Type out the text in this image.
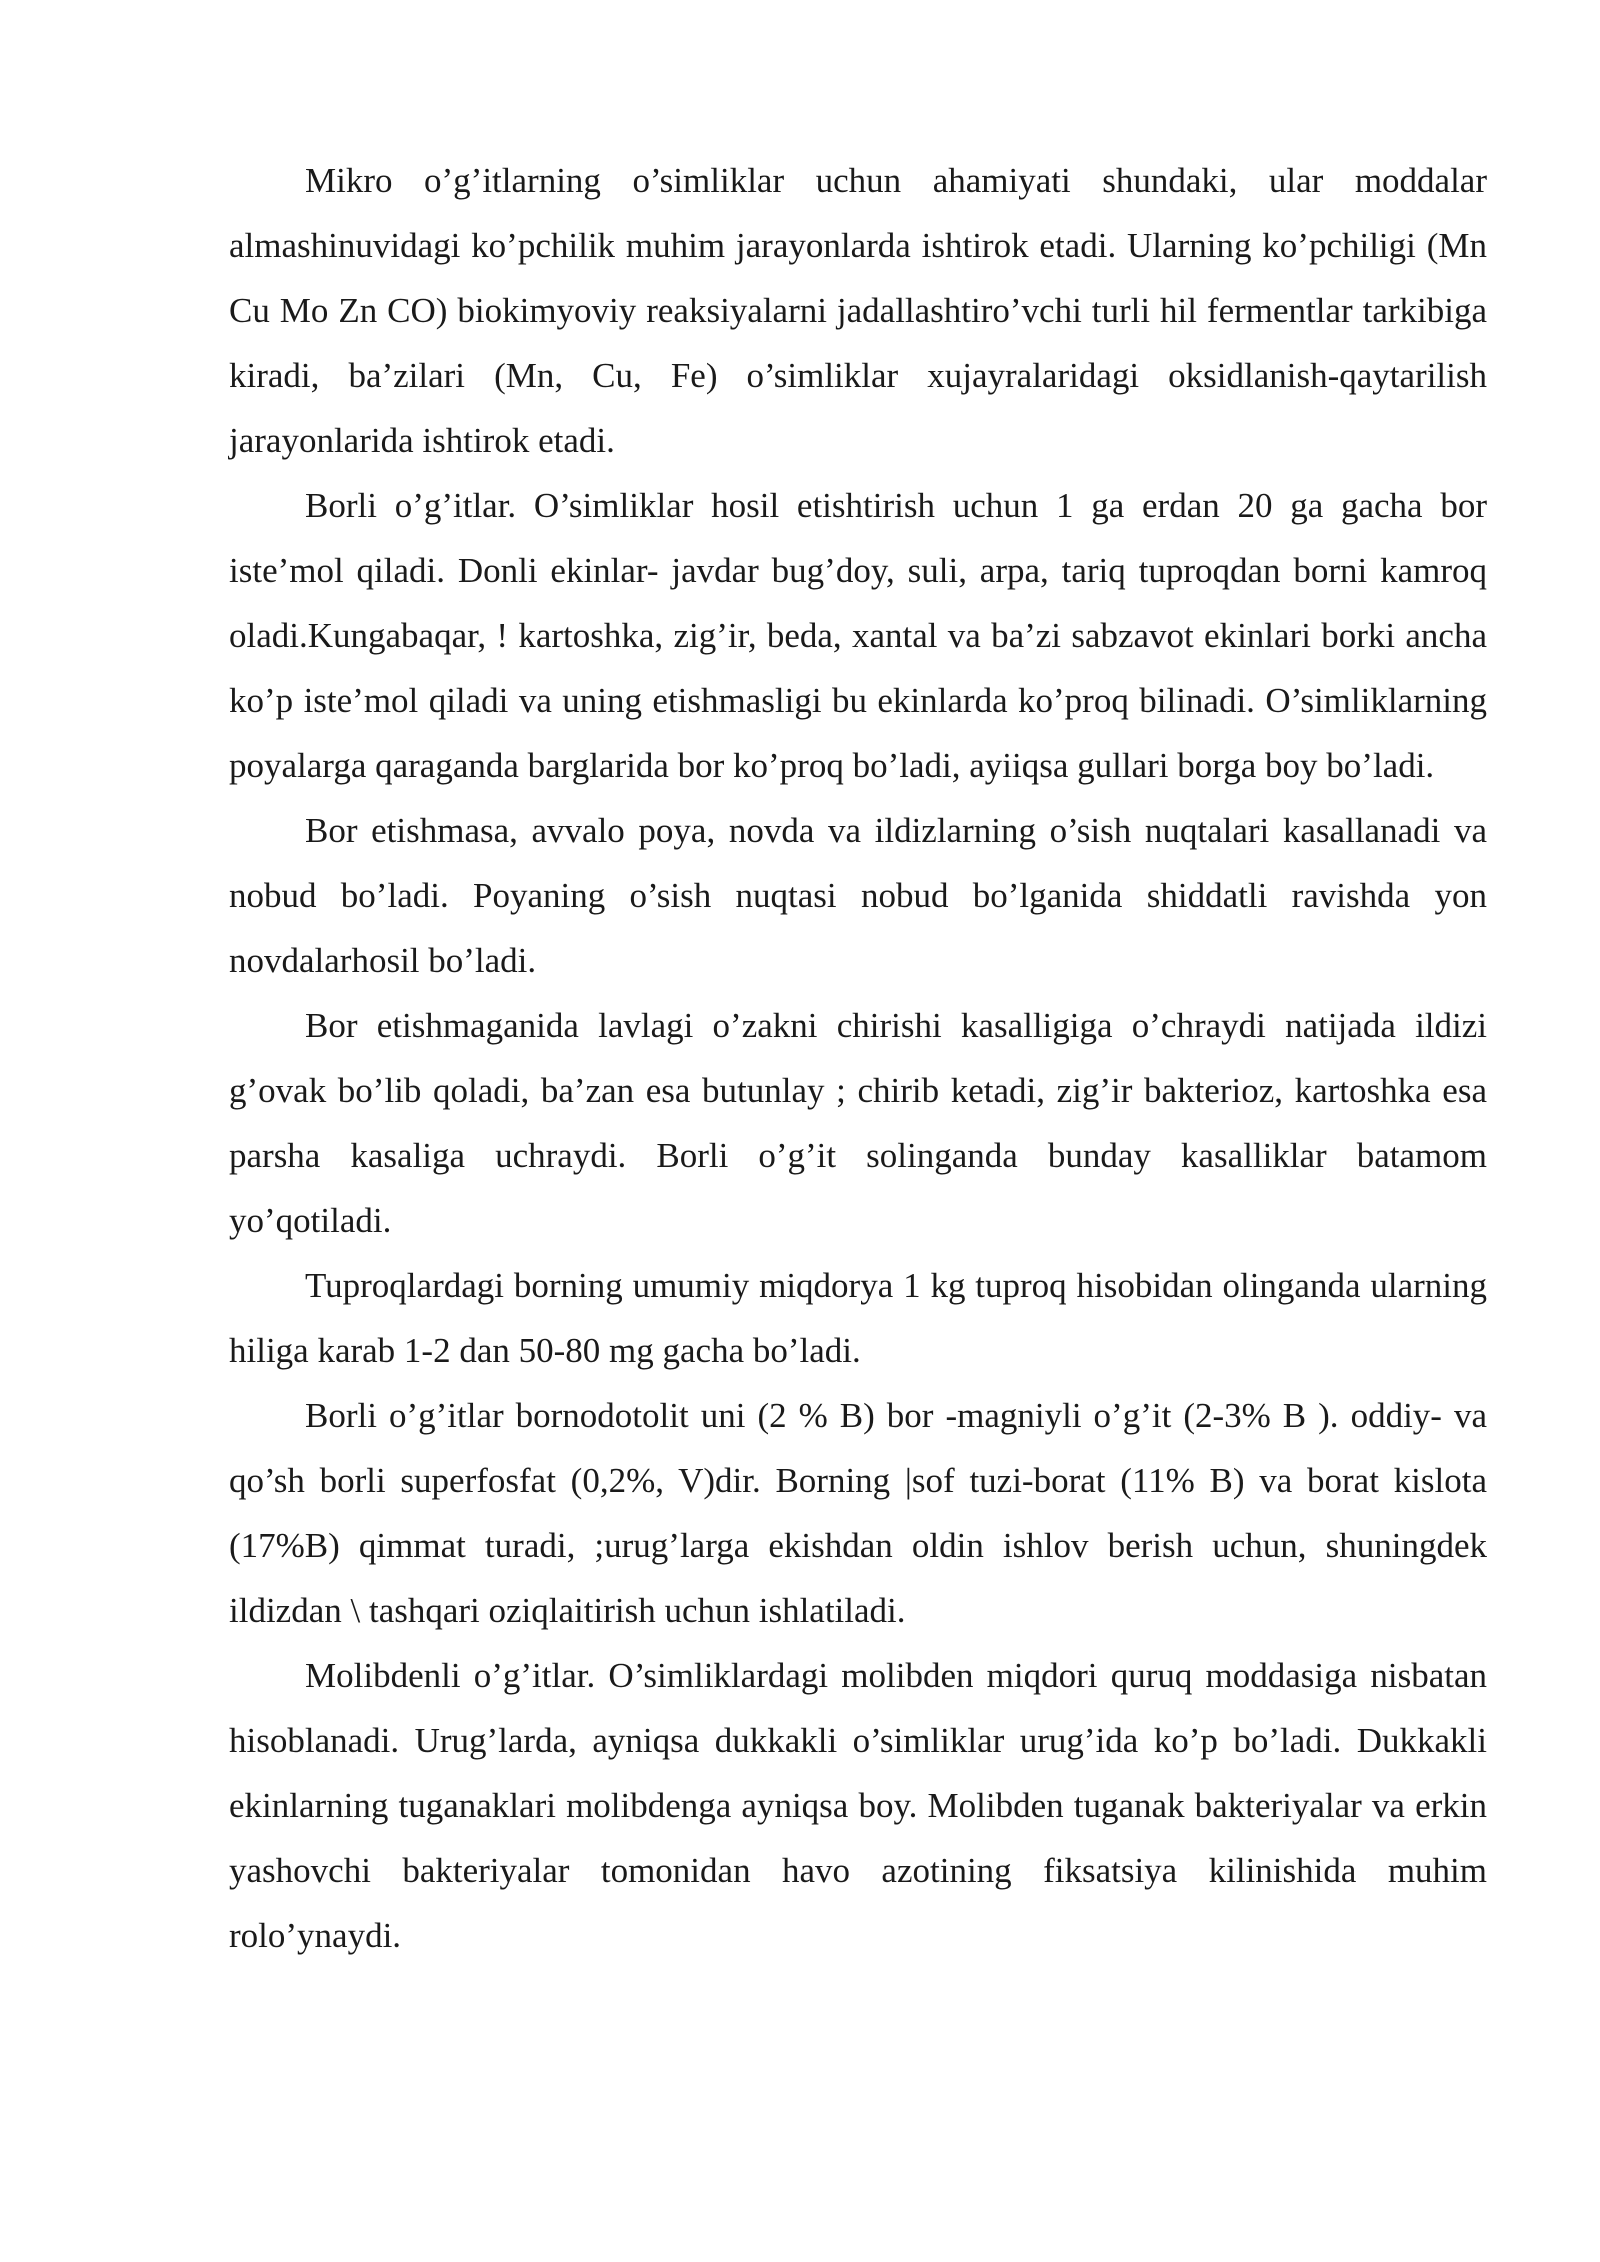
Mikro o’g’itlarning o’simliklar uchun ahamiyati shundaki, ular moddalar almashinuvidagi ko’pchilik muhim jarayonlarda ishtirok etadi. Ularning ko’pchiligi (Mn Cu Mo Zn CO) biokimyoviy reaksiyalarni jadallashtiro’vchi turli hil fermentlar tarkibiga kiradi, ba’zilari (Mn, Cu, Fe) o’simliklar xujayralaridagi oksidlanish-qaytarilish jarayonlarida ishtirok etadi.

Borli o’g’itlar. O’simliklar hosil etishtirish uchun 1 ga erdan 20 ga gacha bor iste’mol qiladi. Donli ekinlar- javdar bug’doy, suli, arpa, tariq tuproqdan borni kamroq oladi.Kungabaqar, ! kartoshka, zig’ir, beda, xantal va ba’zi sabzavot ekinlari borki ancha ko’p iste’mol qiladi va uning etishmasligi bu ekinlarda ko’proq bilinadi. O’simliklarning poyalarga qaraganda barglarida bor ko’proq bo’ladi, ayiiqsa gullari borga boy bo’ladi.

Bor etishmasa, avvalo poya, novda va ildizlarning o’sish nuqtalari kasallanadi va nobud bo’ladi. Poyaning o’sish nuqtasi nobud bo’lganida shiddatli ravishda yon novdalarhosil bo’ladi.

Bor etishmaganida lavlagi o’zakni chirishi kasalligiga o’chraydi natijada ildizi g’ovak bo’lib qoladi, ba’zan esa butunlay ; chirib ketadi, zig’ir bakterioz, kartoshka esa parsha kasaliga uchraydi. Borli o’g’it solinganda bunday kasalliklar batamom yo’qotiladi.

Tuproqlardagi borning umumiy miqdorya 1 kg tuproq hisobidan olinganda ularning hiliga karab 1-2 dan 50-80 mg gacha bo’ladi.

Borli o’g’itlar bornodotolit uni (2 % B) bor -magniyli o’g’it (2-3% B ). oddiy- va qo’sh borli superfosfat (0,2%, V)dir. Borning |sof tuzi-borat (11% B) va borat kislota (17%B) qimmat turadi, ;urug’larga ekishdan oldin ishlov berish uchun, shuningdek ildizdan \ tashqari oziqlaitirish uchun ishlatiladi.

Molibdenli o’g’itlar. O’simliklardagi molibden miqdori quruq moddasiga nisbatan hisoblanadi. Urug’larda, ayniqsa dukkakli o’simliklar urug’ida ko’p bo’ladi. Dukkakli ekinlarning tuganaklari molibdenga ayniqsa boy. Molibden tuganak bakteriyalar va erkin yashovchi bakteriyalar tomonidan havo azotining fiksatsiya kilinishida muhim rolo’ynaydi.
